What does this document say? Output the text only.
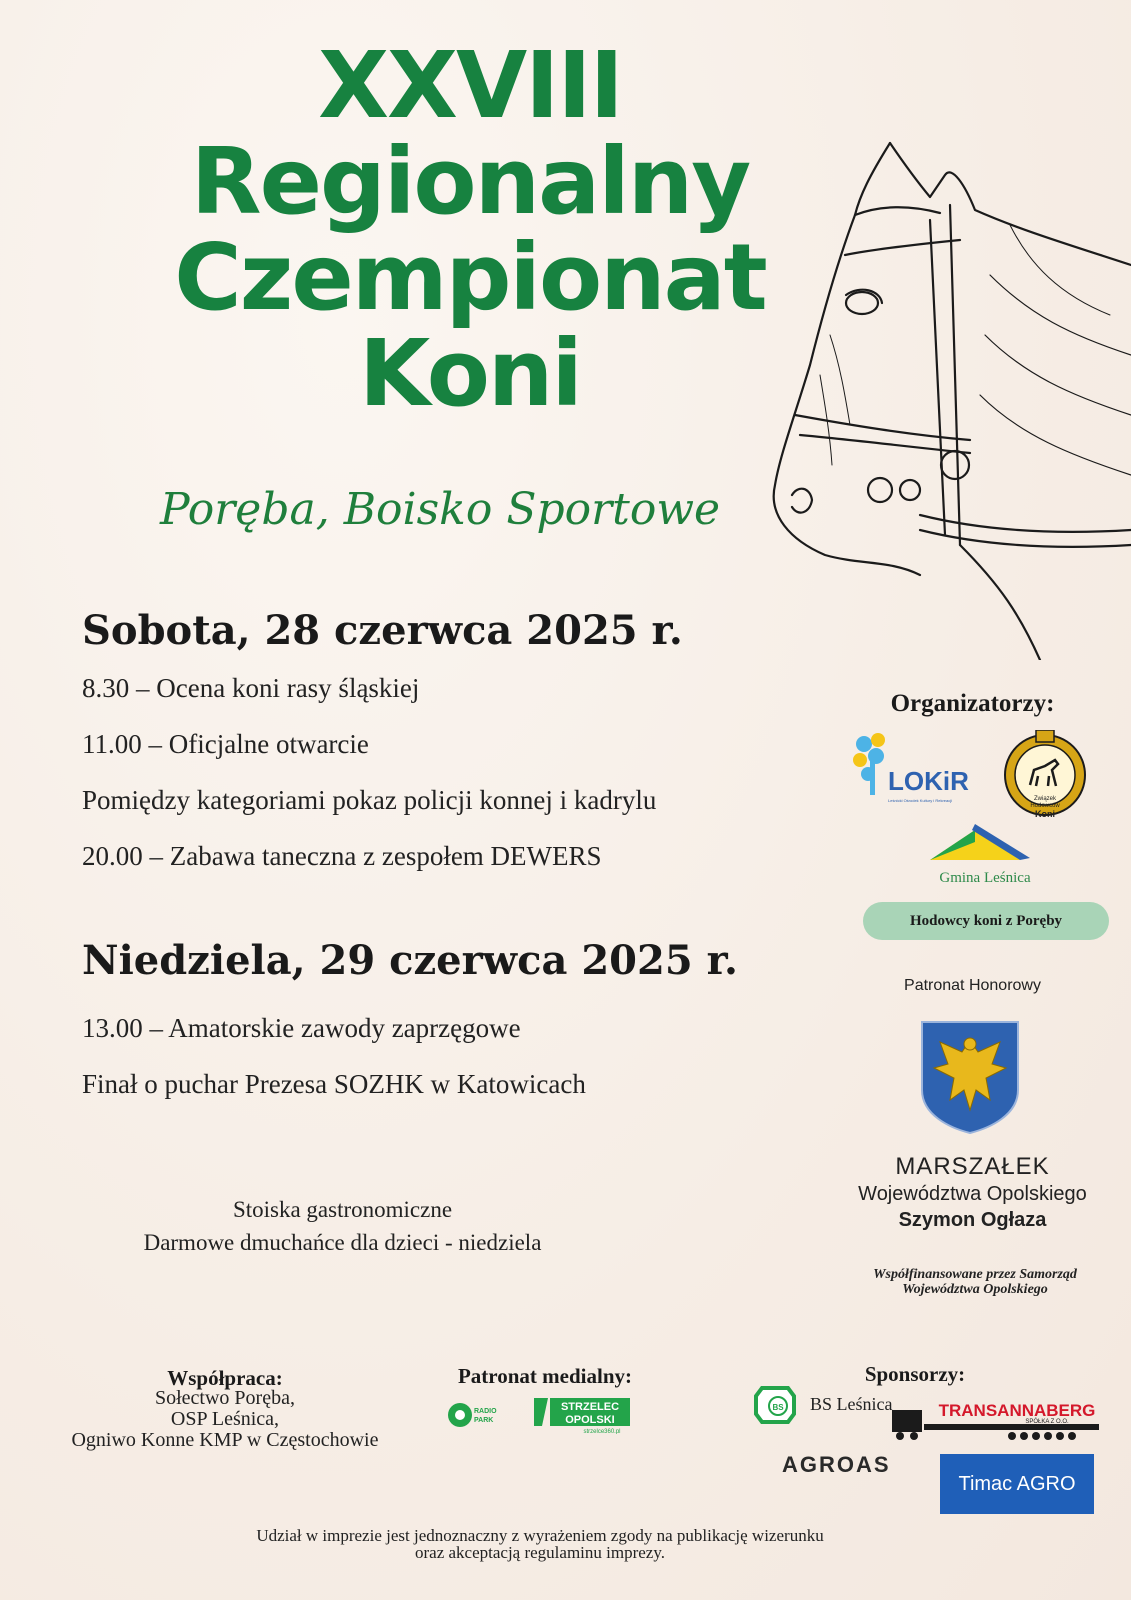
XXVIII
Regionalny
Czempionat
Koni
Poręba, Boisko Sportowe
Sobota, 28 czerwca 2025 r.
8.30 – Ocena koni rasy śląskiej
11.00 – Oficjalne otwarcie
Pomiędzy kategoriami pokaz policji konnej i kadrylu
20.00 – Zabawa taneczna z zespołem DEWERS
Niedziela, 29 czerwca 2025 r.
13.00 – Amatorskie zawody zaprzęgowe
Finał o puchar Prezesa SOZHK w Katowicach
Stoiska gastronomiczne
Darmowe dmuchańce dla dzieci - niedziela
Organizatorzy:
LOKiR
Leśnicki Ośrodek Kultury i Rekreacji	Związek
Hodowców
Koni
Gmina Leśnica
Hodowcy koni z Poręby
Patronat Honorowy
MARSZAŁEK
Województwa Opolskiego
Szymon Ogłaza
Współfinansowane przez Samorząd
Województwa Opolskiego
Współpraca:
Sołectwo Poręba,
OSP Leśnica,
Ogniwo Konne KMP w Częstochowie
Patronat medialny:
RADIO
PARK
STRZELEC
OPOLSKI
strzelce360.pl
Sponsorzy:
BS BS Leśnica	TRANSANNABERG
SPÓŁKA Z O.O.
AGROAS
Timac AGRO
Udział w imprezie jest jednoznaczny z wyrażeniem zgody na publikację wizerunku
oraz akceptacją regulaminu imprezy.
